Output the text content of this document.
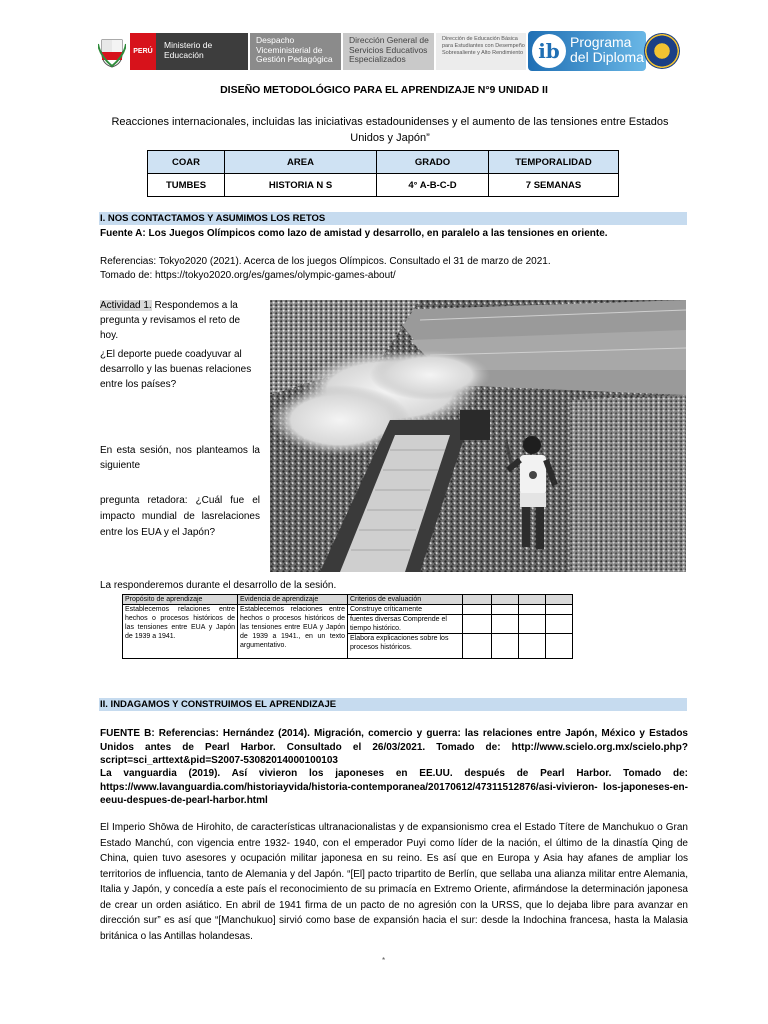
PERÚ
Ministerio de Educación
Despacho Viceministerial de Gestión Pedagógica
Dirección General de Servicios Educativos Especializados
Dirección de Educación Básica para Estudiantes con Desempeño Sobresaliente y Alto Rendimiento ib Programa
del Diploma
DISEÑO METODOLÓGICO PARA EL APRENDIZAJE N°9 UNIDAD II
Reacciones internacionales, incluidas las iniciativas estadounidenses y el aumento de las tensiones entre Estados Unidos y Japón”
COAR	AREA	GRADO	TEMPORALIDAD
TUMBES	HISTORIA N S	4° A-B-C-D	7 SEMANAS
I. NOS CONTACTAMOS Y ASUMIMOS LOS RETOS
Fuente A: Los Juegos Olímpicos como lazo de amistad y desarrollo, en paralelo a las tensiones en oriente.
Referencias: Tokyo2020 (2021). Acerca de los juegos Olímpicos. Consultado el 31 de marzo de 2021.
Tomado de: https://tokyo2020.org/es/games/olympic-games-about/
Actividad 1. Respondemos a la pregunta y revisamos el reto de hoy.
¿El deporte puede coadyuvar al desarrollo y las buenas relaciones entre los países?
En esta sesión, nos planteamos la siguiente
pregunta retadora: ¿Cuál fue el impacto mundial de lasrelaciones entre los EUA y el Japón?
La responderemos durante el desarrollo de la sesión.
Propósito de aprendizaje	Evidencia de aprendizaje	Criterios de evaluación				
Establecemos relaciones entre hechos o procesos históricos de las tensiones entre EUA y Japón de 1939 a 1941.	Establecemos relaciones entre hechos o procesos históricos de las tensiones entre EUA y Japón de 1939 a 1941., en un texto argumentativo.	Construye críticamente				
		fuentes diversas Comprende el tiempo histórico.				
		Elabora explicaciones sobre los procesos históricos.				
II. INDAGAMOS Y CONSTRUIMOS EL APRENDIZAJE
FUENTE B: Referencias: Hernández (2014). Migración, comercio y guerra: las relaciones entre Japón, México y Estados Unidos antes de Pearl Harbor. Consultado el 26/03/2021. Tomado de: http://www.scielo.org.mx/scielo.php?script=sci_arttext&pid=S2007-53082014000100103
La vanguardia (2019). Así vivieron los japoneses en EE.UU. después de Pearl Harbor. Tomado de: https://www.lavanguardia.com/historiayvida/historia-contemporanea/20170612/47311512876/asi-vivieron- los-japoneses-en-eeuu-despues-de-pearl-harbor.html
El Imperio Shōwa de Hirohito, de características ultranacionalistas y de expansionismo crea el Estado Títere de Manchukuo o Gran Estado Manchú, con vigencia entre 1932- 1940, con el emperador Puyi como líder de la nación, el último de la dinastía Qing de China, quien tuvo asesores y ocupación militar japonesa en su reino. Es así que en Europa y Asia hay afanes de ampliar los territorios de influencia, tanto de Alemania y del Japón. “[El] pacto tripartito de Berlín, que sellaba una alianza militar entre Alemania, Italia y Japón, y concedía a este país el reconocimiento de su primacía en Extremo Oriente, afirmándose la determinación japonesa de crear un orden asiático. En abril de 1941 firma de un pacto de no agresión con la URSS, que lo dejaba libre para avanzar en dirección sur” es así que “[Manchukuo] sirvió como base de expansión hacia el sur: desde la Indochina francesa, hasta la Malasia británica o las Antillas holandesas.
*
